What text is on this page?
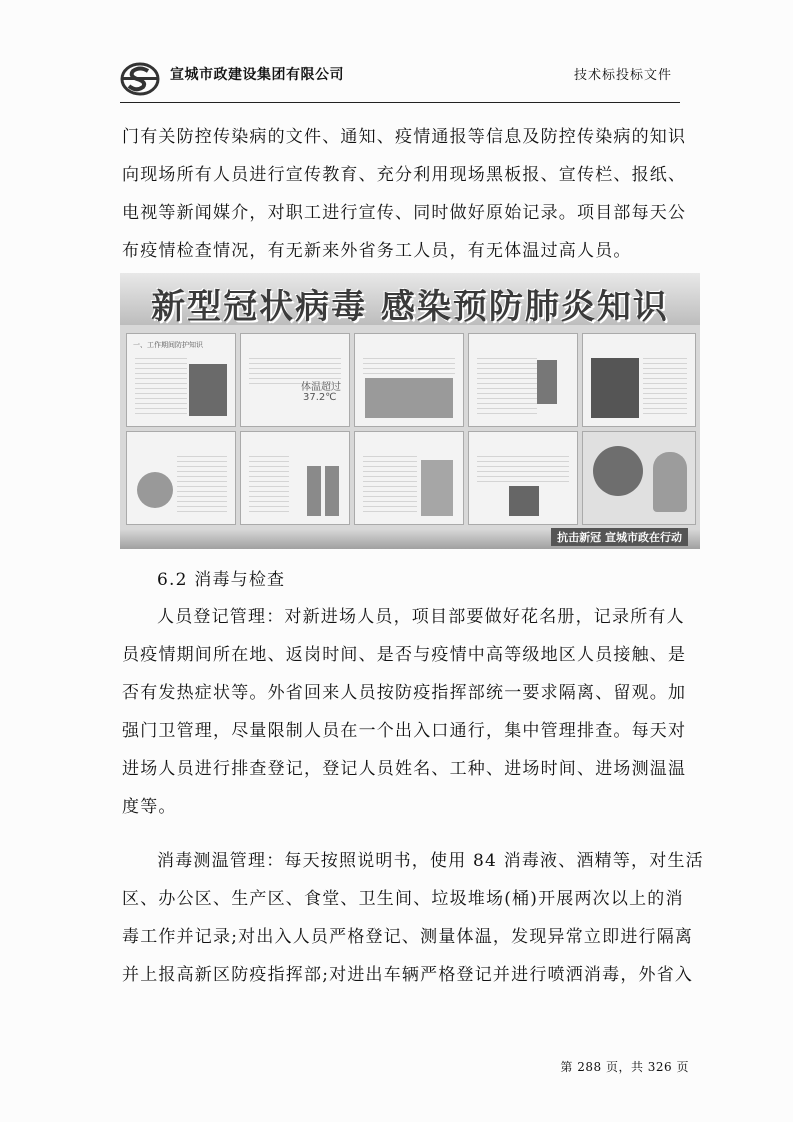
宣城市政建设集团有限公司	技术标投标文件
门有关防控传染病的文件、通知、疫情通报等信息及防控传染病的知识
向现场所有人员进行宣传教育、充分利用现场黑板报、宣传栏、报纸、
电视等新闻媒介，对职工进行宣传、同时做好原始记录。项目部每天公
布疫情检查情况，有无新来外省务工人员，有无体温过高人员。
新型冠状病毒 感染预防肺炎知识
一、工作期间防护知识
体温超过
37.2℃
抗击新冠 宣城市政在行动
6.2 消毒与检查
人员登记管理：对新进场人员，项目部要做好花名册，记录所有人
员疫情期间所在地、返岗时间、是否与疫情中高等级地区人员接触、是
否有发热症状等。外省回来人员按防疫指挥部统一要求隔离、留观。加
强门卫管理，尽量限制人员在一个出入口通行，集中管理排查。每天对
进场人员进行排查登记，登记人员姓名、工种、进场时间、进场测温温
度等。
消毒测温管理：每天按照说明书，使用 84 消毒液、酒精等，对生活
区、办公区、生产区、食堂、卫生间、垃圾堆场(桶)开展两次以上的消
毒工作并记录;对出入人员严格登记、测量体温，发现异常立即进行隔离
并上报高新区防疫指挥部;对进出车辆严格登记并进行喷洒消毒，外省入
第 288 页，共 326 页
